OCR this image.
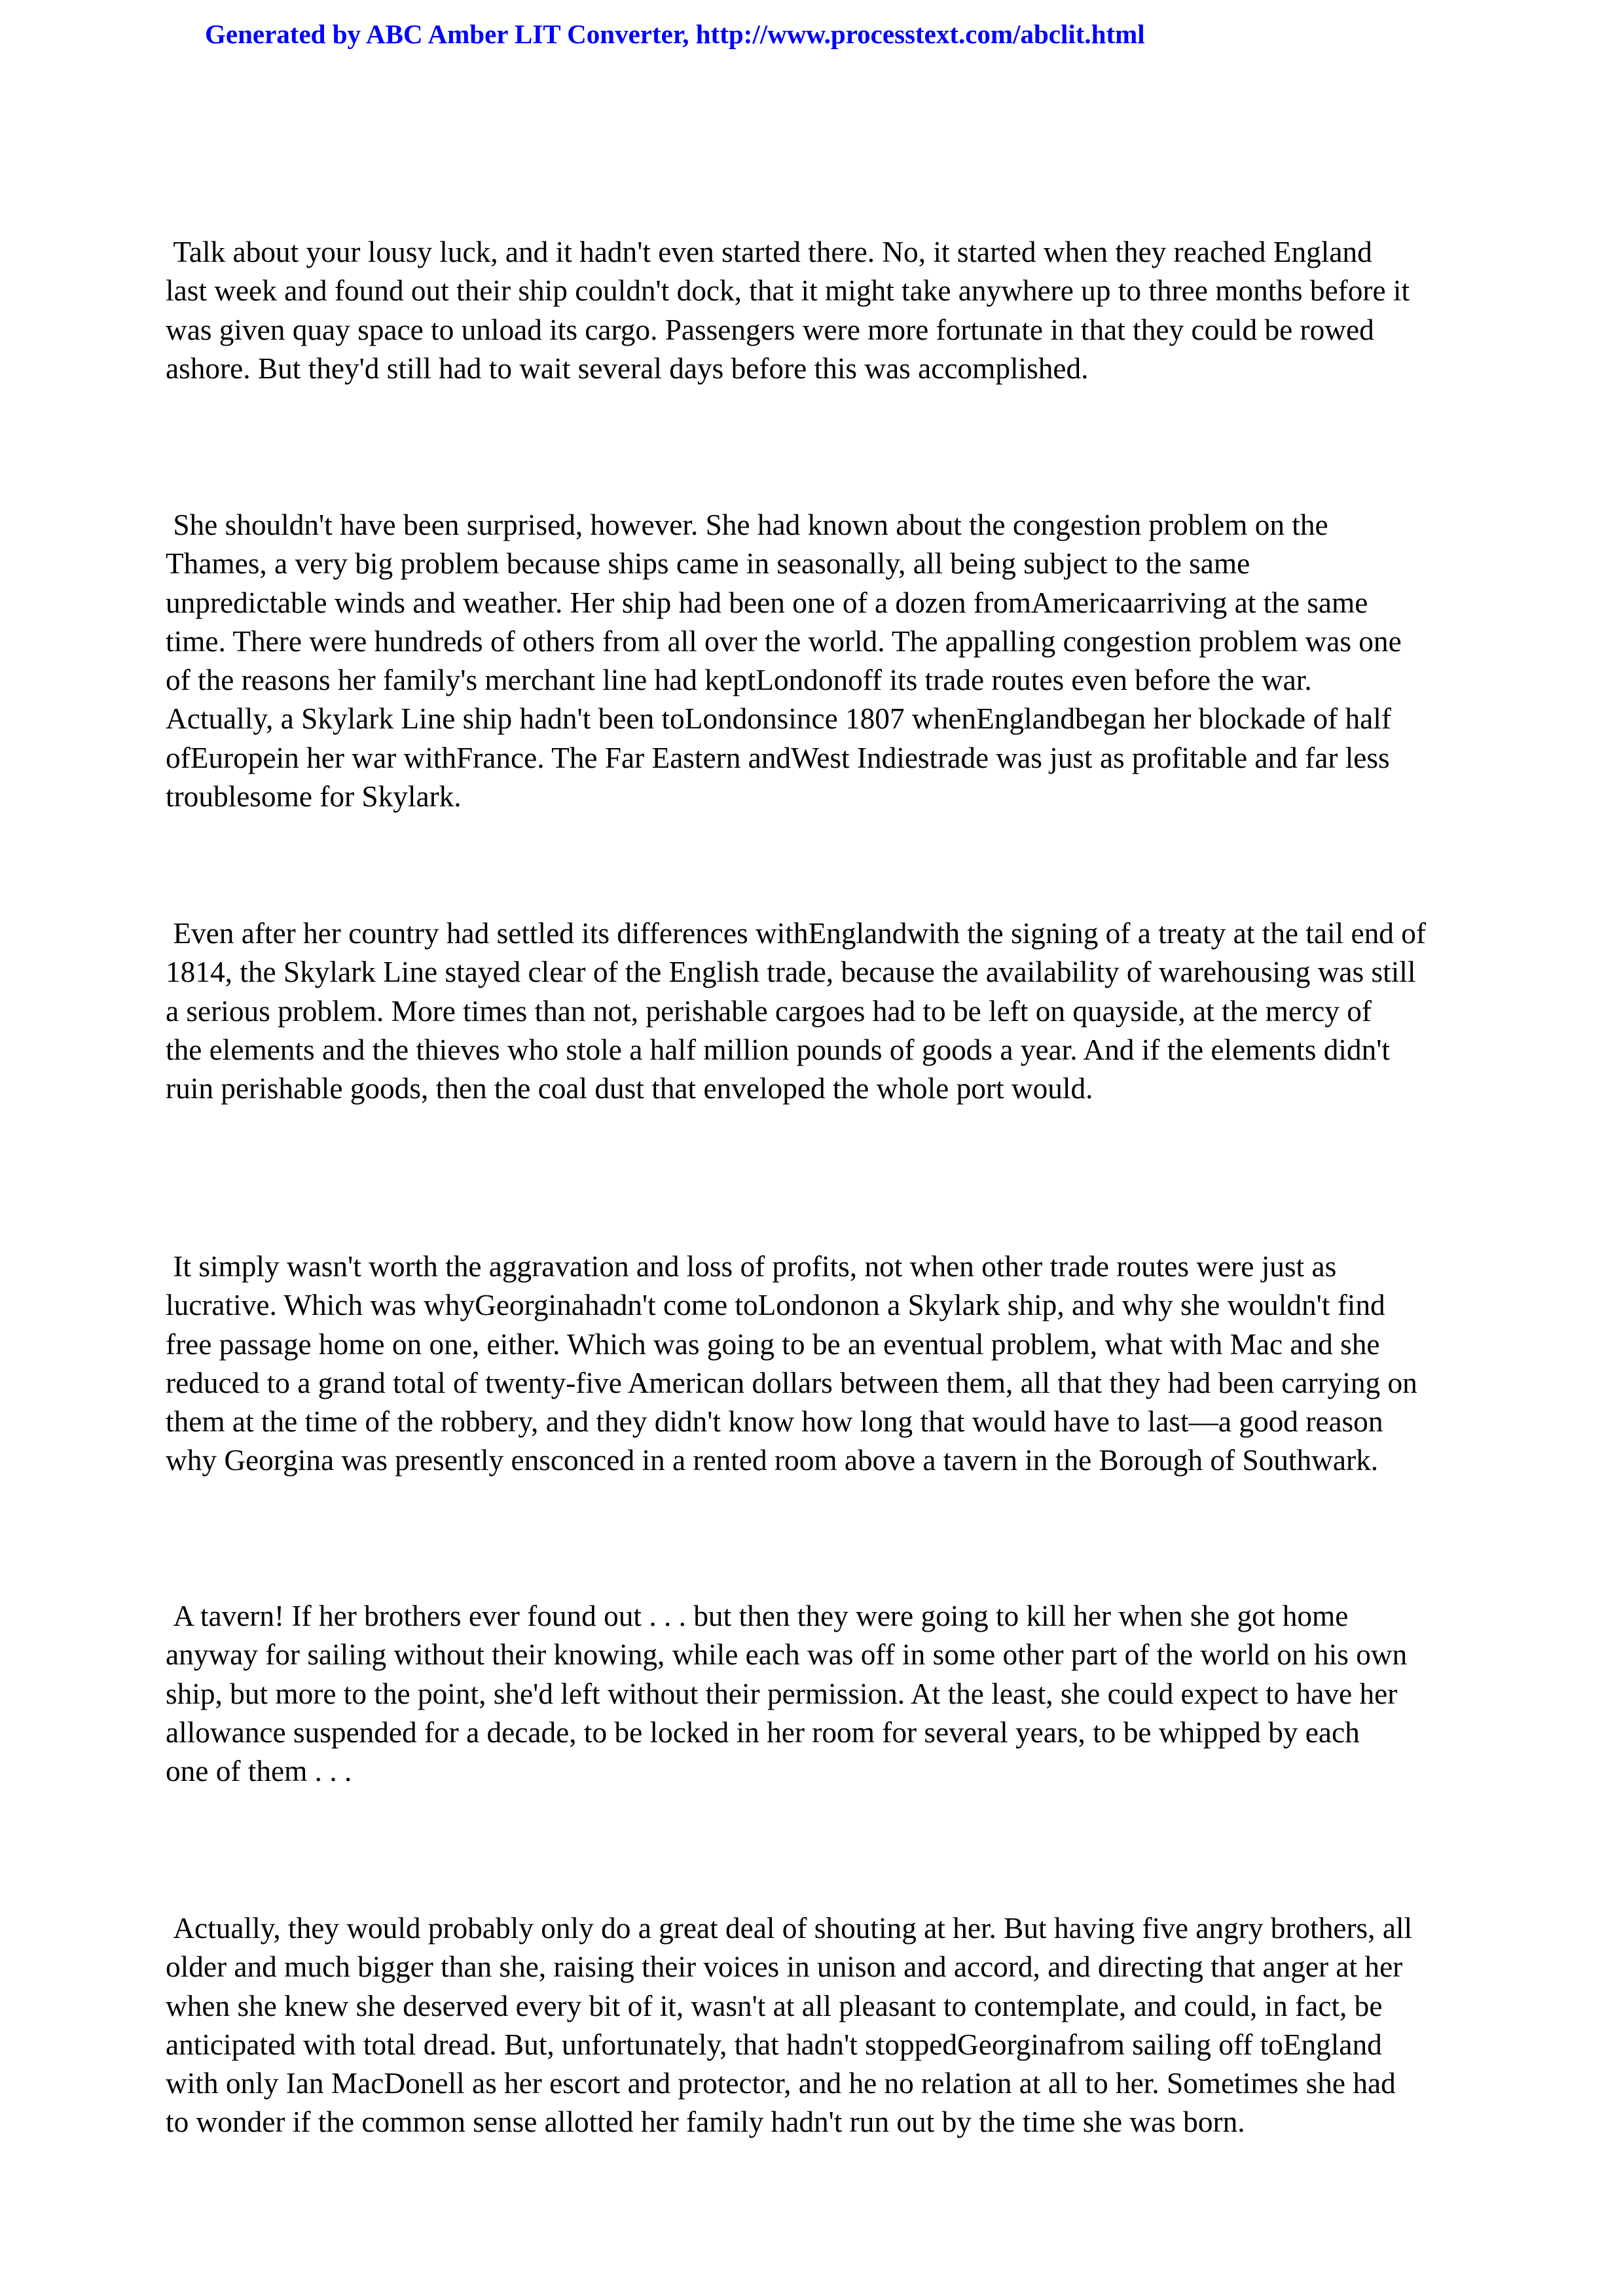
Generated by ABC Amber LIT Converter, http://www.processtext.com/abclit.html

Talk about your lousy luck, and it hadn't even started there. No, it started when they reached England
last week and found out their ship couldn't dock, that it might take anywhere up to three months before it
was given quay space to unload its cargo. Passengers were more fortunate in that they could be rowed
ashore. But they'd still had to wait several days before this was accomplished.

She shouldn't have been surprised, however. She had known about the congestion problem on the
Thames, a very big problem because ships came in seasonally, all being subject to the same
unpredictable winds and weather. Her ship had been one of a dozen fromAmericaarriving at the same
time. There were hundreds of others from all over the world. The appalling congestion problem was one
of the reasons her family's merchant line had keptLondonoff its trade routes even before the war.
Actually, a Skylark Line ship hadn't been toLondonsince 1807 whenEnglandbegan her blockade of half
ofEuropein her war withFrance. The Far Eastern andWest Indiestrade was just as profitable and far less
troublesome for Skylark.

Even after her country had settled its differences withEnglandwith the signing of a treaty at the tail end of
1814, the Skylark Line stayed clear of the English trade, because the availability of warehousing was still
a serious problem. More times than not, perishable cargoes had to be left on quayside, at the mercy of
the elements and the thieves who stole a half million pounds of goods a year. And if the elements didn't
ruin perishable goods, then the coal dust that enveloped the whole port would.

It simply wasn't worth the aggravation and loss of profits, not when other trade routes were just as
lucrative. Which was whyGeorginahadn't come toLondonon a Skylark ship, and why she wouldn't find
free passage home on one, either. Which was going to be an eventual problem, what with Mac and she
reduced to a grand total of twenty-five American dollars between them, all that they had been carrying on
them at the time of the robbery, and they didn't know how long that would have to last—a good reason
why Georgina was presently ensconced in a rented room above a tavern in the Borough of Southwark.

A tavern! If her brothers ever found out . . . but then they were going to kill her when she got home
anyway for sailing without their knowing, while each was off in some other part of the world on his own
ship, but more to the point, she'd left without their permission. At the least, she could expect to have her
allowance suspended for a decade, to be locked in her room for several years, to be whipped by each
one of them . . .

Actually, they would probably only do a great deal of shouting at her. But having five angry brothers, all
older and much bigger than she, raising their voices in unison and accord, and directing that anger at her
when she knew she deserved every bit of it, wasn't at all pleasant to contemplate, and could, in fact, be
anticipated with total dread. But, unfortunately, that hadn't stoppedGeorginafrom sailing off toEngland
with only Ian MacDonell as her escort and protector, and he no relation at all to her. Sometimes she had
to wonder if the common sense allotted her family hadn't run out by the time she was born.
